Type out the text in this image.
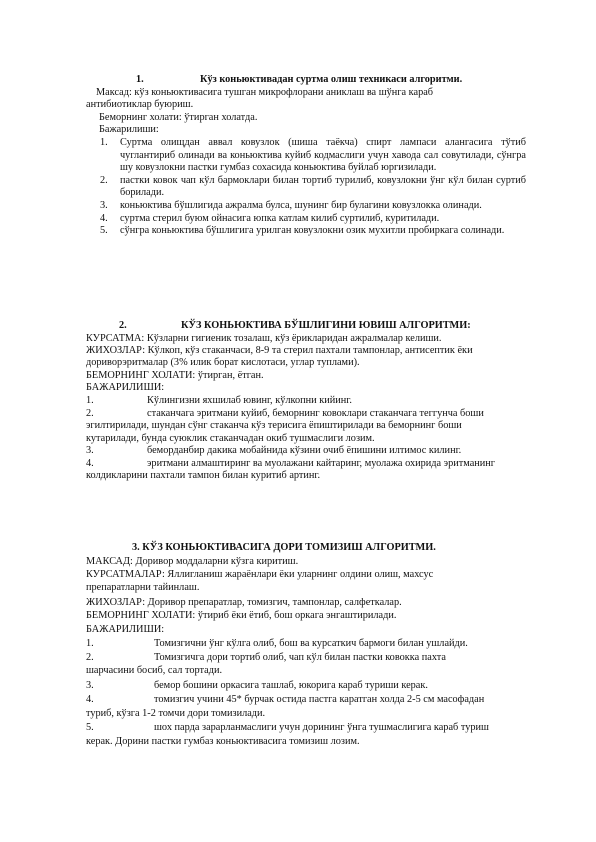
1.	Кўз коньюктивадан суртма олиш техникаси алгоритми.
Максад: кўз коньюктивасига тушган микрофлорани аниклаш ва шўнга караб
антибиотиклар буюриш.
Беморнинг холати: ўтирган холатда.
Бажарилиши:
1. Суртма олищдан аввал ковузлок (шиша таёкча) спирт лампаси алангасига тўтиб чуглантириб олинади ва коньюктива куйиб кодмаслиги учун хавода сал совутилади, сўнгра шу ковузлокни пастки гумбаз сохасида коньюктива буйлаб юргизилади.
2. пастки ковок чап кўл бармоклари билан тортиб турилиб, ковузлокни ўнг кўл билан суртиб борилади.
3. коньюктива бўшлигида ажралма булса, шунинг бир булагини ковузлокка олинади.
4. суртма стерил буюм ойнасига юпка катлам килиб суртилиб, куритилади.
5. сўнгра коньюктива бўшлигига урилган ковузлокни озик мухитли пробиркага солинади.
2.	КЎЗ КОНЬЮКТИВА БЎШЛИГИНИ ЮВИШ АЛГОРИТМИ:
КУРСАТМА: Кўзларни гигиеник тозалаш, кўз ёрикларидан ажралмалар келиши.
ЖИХОЗЛАР: Кўлкоп, кўз стаканчаси, 8-9 та стерил пахтали тампонлар, антисептик ёки
дориворэритмалар (3% илик борат кислотаси, углар туплами).
БЕМОРНИНГ ХОЛАТИ: ўтирган, ётган.
БАЖАРИЛИШИ:
1.	Кўлингизни яхшилаб ювинг, кўлкопни кийинг.
2.	стаканчага эритмани куйиб, беморнинг ковоклари стаканчага теггунча боши
эгилтирилади, шундан сўнг стаканча кўз терисига ёпиштирилади ва беморнинг боши
кутарилади, бунда суюклик стаканчадан окиб тушмаслиги лозим.
3.	беморданбир дакика мобайнида кўзини очиб ёпишини илтимос килинг.
4.	эритмани алмаштиринг ва муолажани кайтаринг, муолажа охирида эритманинг
колдикларини пахтали тампон билан куритиб артинг.
3. КЎЗ КОНЬЮКТИВАСИГА ДОРИ ТОМИЗИШ АЛГОРИТМИ.
МАКСАД: Доривор моддаларни кўзга киритиш.
КУРСАТМАЛАР: Яллигланиш жараёнлари ёки уларнинг олдини олиш, махсус
препаратларни тайинлаш.
ЖИХОЗЛАР: Доривор препаратлар, томизгич, тампонлар, салфеткалар.
БЕМОРНИНГ ХОЛАТИ: ўтириб ёки ётиб, бош оркага энгаштирилади.
БАЖАРИЛИШИ:
1.	Томизгични ўнг кўлга олиб, бош ва курсаткич бармоги билан ушлайди.
2.	Томизгичга дори тортиб олиб, чап кўл билан пастки ковокка пахта
шарчасини босиб, сал тортади.
3.	бемор бошини оркасига ташлаб, юкорига караб туриши керак.
4.	томизгич учини 45* бурчак остида пастга каратган холда 2-5 см масофадан
туриб, кўзга 1-2 томчи дори томизилади.
5.	шох парда зарарланмаслиги учун дорининг ўнга тушмаслигига караб туриш
керак. Дорини пастки гумбаз коньюктивасига томизиш лозим.
